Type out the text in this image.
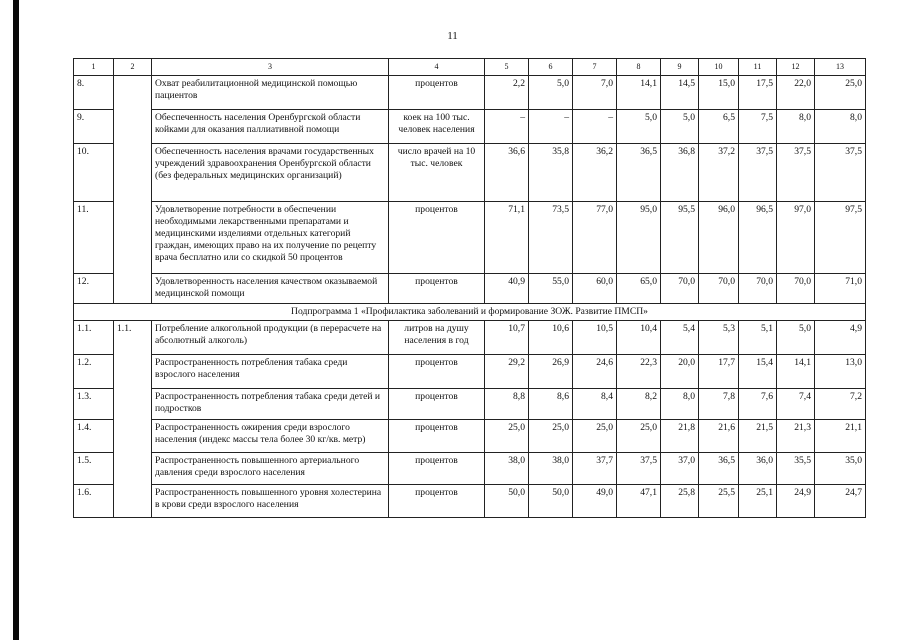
11
1	2	3	4	5	6	7	8	9	10	11	12	13
8.		Охват реабилитационной медицинской помощью пациентов	процентов	2,2	5,0	7,0	14,1	14,5	15,0	17,5	22,0	25,0
9.		Обеспеченность населения Оренбургской области койками для оказания паллиативной помощи	коек на 100 тыс. человек населения	–	–	–	5,0	5,0	6,5	7,5	8,0	8,0
10.		Обеспеченность населения врачами государственных учреждений здравоохранения Оренбургской области (без федеральных медицинских организаций)	число врачей на 10 тыс. человек	36,6	35,8	36,2	36,5	36,8	37,2	37,5	37,5	37,5
11.		Удовлетворение потребности в обеспечении необходимыми лекарственными препаратами и медицинскими изделиями отдельных категорий граждан, имеющих право на их получение по рецепту врача бесплатно или со скидкой 50 процентов	процентов	71,1	73,5	77,0	95,0	95,5	96,0	96,5	97,0	97,5
12.		Удовлетворенность населения качеством оказываемой медицинской помощи	процентов	40,9	55,0	60,0	65,0	70,0	70,0	70,0	70,0	71,0
Подпрограмма 1 «Профилактика заболеваний и формирование ЗОЖ. Развитие ПМСП»												
1.1.	1.1.	Потребление алкогольной продукции (в перерасчете на абсолютный алкоголь)	литров на душу населения в год	10,7	10,6	10,5	10,4	5,4	5,3	5,1	5,0	4,9
1.2.		Распространенность потребления табака среди взрослого населения	процентов	29,2	26,9	24,6	22,3	20,0	17,7	15,4	14,1	13,0
1.3.		Распространенность потребления табака среди детей и подростков	процентов	8,8	8,6	8,4	8,2	8,0	7,8	7,6	7,4	7,2
1.4.		Распространенность ожирения среди взрослого населения (индекс массы тела более 30 кг/кв. метр)	процентов	25,0	25,0	25,0	25,0	21,8	21,6	21,5	21,3	21,1
1.5.		Распространенность повышенного артериального давления среди взрослого населения	процентов	38,0	38,0	37,7	37,5	37,0	36,5	36,0	35,5	35,0
1.6.		Распространенность повышенного уровня холестерина в крови среди взрослого населения	процентов	50,0	50,0	49,0	47,1	25,8	25,5	25,1	24,9	24,7
